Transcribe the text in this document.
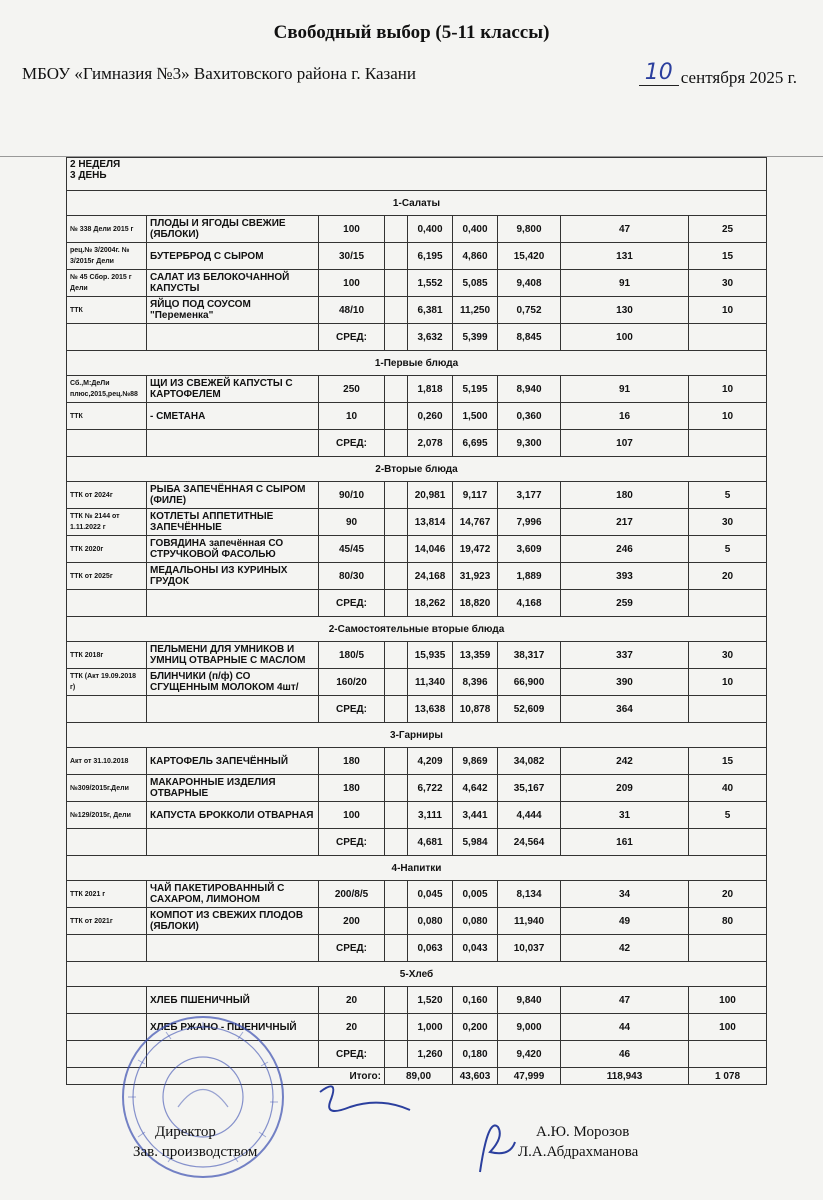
Свободный выбор (5-11 классы)
МБОУ «Гимназия №3» Вахитовского района г. Казани	10 сентября 2025 г.
2 НЕДЕЛЯ
3 ДЕНЬ								

1-Салаты								
№ 338 Дели 2015 г	ПЛОДЫ И ЯГОДЫ СВЕЖИЕ (ЯБЛОКИ)	100		0,400	0,400	9,800	47	25
рец.№ 3/2004г. № 3/2015г Дели	БУТЕРБРОД С СЫРОМ	30/15		6,195	4,860	15,420	131	15
№ 45 Сбор. 2015 г Дели	САЛАТ ИЗ БЕЛОКОЧАННОЙ КАПУСТЫ	100		1,552	5,085	9,408	91	30
ТТК	ЯЙЦО ПОД СОУСОМ "Переменка"	48/10		6,381	11,250	0,752	130	10
		СРЕД:		3,632	5,399	8,845	100	
1-Первые блюда								
Сб.,М:ДеЛи плюс,2015,рец.№88	ЩИ ИЗ СВЕЖЕЙ КАПУСТЫ С КАРТОФЕЛЕМ	250		1,818	5,195	8,940	91	10
ТТК	- СМЕТАНА	10		0,260	1,500	0,360	16	10
		СРЕД:		2,078	6,695	9,300	107	
2-Вторые блюда								
ТТК от 2024г	РЫБА ЗАПЕЧЁННАЯ С СЫРОМ (ФИЛЕ)	90/10		20,981	9,117	3,177	180	5
ТТК № 2144 от 1.11.2022 г	КОТЛЕТЫ АППЕТИТНЫЕ ЗАПЕЧЁННЫЕ	90		13,814	14,767	7,996	217	30
ТТК 2020г	ГОВЯДИНА запечённая СО СТРУЧКОВОЙ ФАСОЛЬЮ	45/45		14,046	19,472	3,609	246	5
ТТК от 2025г	МЕДАЛЬОНЫ ИЗ КУРИНЫХ ГРУДОК	80/30		24,168	31,923	1,889	393	20
		СРЕД:		18,262	18,820	4,168	259	
2-Самостоятельные вторые блюда								
ТТК 2018г	ПЕЛЬМЕНИ ДЛЯ УМНИКОВ И УМНИЦ ОТВАРНЫЕ С МАСЛОМ	180/5		15,935	13,359	38,317	337	30
ТТК (Акт 19.09.2018 г)	БЛИНЧИКИ (п/ф) СО СГУЩЕННЫМ МОЛОКОМ 4шт/	160/20		11,340	8,396	66,900	390	10
		СРЕД:		13,638	10,878	52,609	364	
3-Гарниры								
Акт от 31.10.2018	КАРТОФЕЛЬ ЗАПЕЧЁННЫЙ	180		4,209	9,869	34,082	242	15
№309/2015г.Дели	МАКАРОННЫЕ ИЗДЕЛИЯ ОТВАРНЫЕ	180		6,722	4,642	35,167	209	40
№129/2015г, Дели	КАПУСТА БРОККОЛИ ОТВАРНАЯ	100		3,111	3,441	4,444	31	5
		СРЕД:		4,681	5,984	24,564	161	
4-Напитки								
ТТК 2021 г	ЧАЙ ПАКЕТИРОВАННЫЙ С САХАРОМ, ЛИМОНОМ	200/8/5		0,045	0,005	8,134	34	20
ТТК от 2021г	КОМПОТ ИЗ СВЕЖИХ ПЛОДОВ (ЯБЛОКИ)	200		0,080	0,080	11,940	49	80
		СРЕД:		0,063	0,043	10,037	42	
5-Хлеб								
	ХЛЕБ ПШЕНИЧНЫЙ	20		1,520	0,160	9,840	47	100
	ХЛЕБ РЖАНО - ПШЕНИЧНЫЙ	20		1,000	0,200	9,000	44	100
		СРЕД:		1,260	0,180	9,420	46	
Итого:			89,00		43,603	47,999	118,943	1 078
Директор
Зав. производством
А.Ю. Морозов
Л.А.Абдрахманова
